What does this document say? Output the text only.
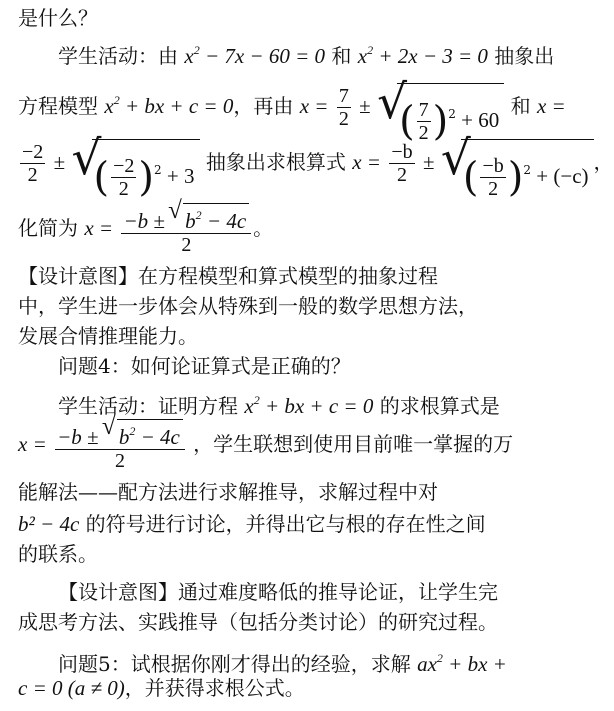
是什么？
学生活动：由 $x^2 - 7x - 60 = 0$ 和 $x^2 + 2x - 3 = 0$ 抽象出
方程模型 $x^2$ + bx + c = 0，再由 $x = \frac{7}{2}$ ± √ ( $\frac{7}{2} )^2 + 60$ 和 x =
$\frac{-2}{2}$ ± √ ( $\frac{-2}{2} )^2 + 3$ 抽象出求根算式 $x = \frac{-b}{2}$ ± √ ( $\frac{-b}{2} )^2 + (-c)$，
化简为 $x = \frac{-b \pm √ b^2 - 4c}{2}$ 。
【设计意图】在方程模型和算式模型的抽象过程
中，学生进一步体会从特殊到一般的数学思想方法，
发展合情推理能力。
问题4：如何论证算式是正确的？
学生活动：证明方程 $x^2$ + bx + c = 0 的求根算式是
$x = \frac{-b \pm √ b^2 - 4c}{2}$ ，学生联想到使用目前唯一掌握的万
能解法——配方法进行求解推导，求解过程中对
b² − 4c 的符号进行讨论，并得出它与根的存在性之间
的联系。
【设计意图】通过难度略低的推导论证，让学生完
成思考方法、实践推导（包括分类讨论）的研究过程。
问题5：试根据你刚才得出的经验，求解 $ax^2$ + bx +
c = 0 (a ≠ 0)，并获得求根公式。
